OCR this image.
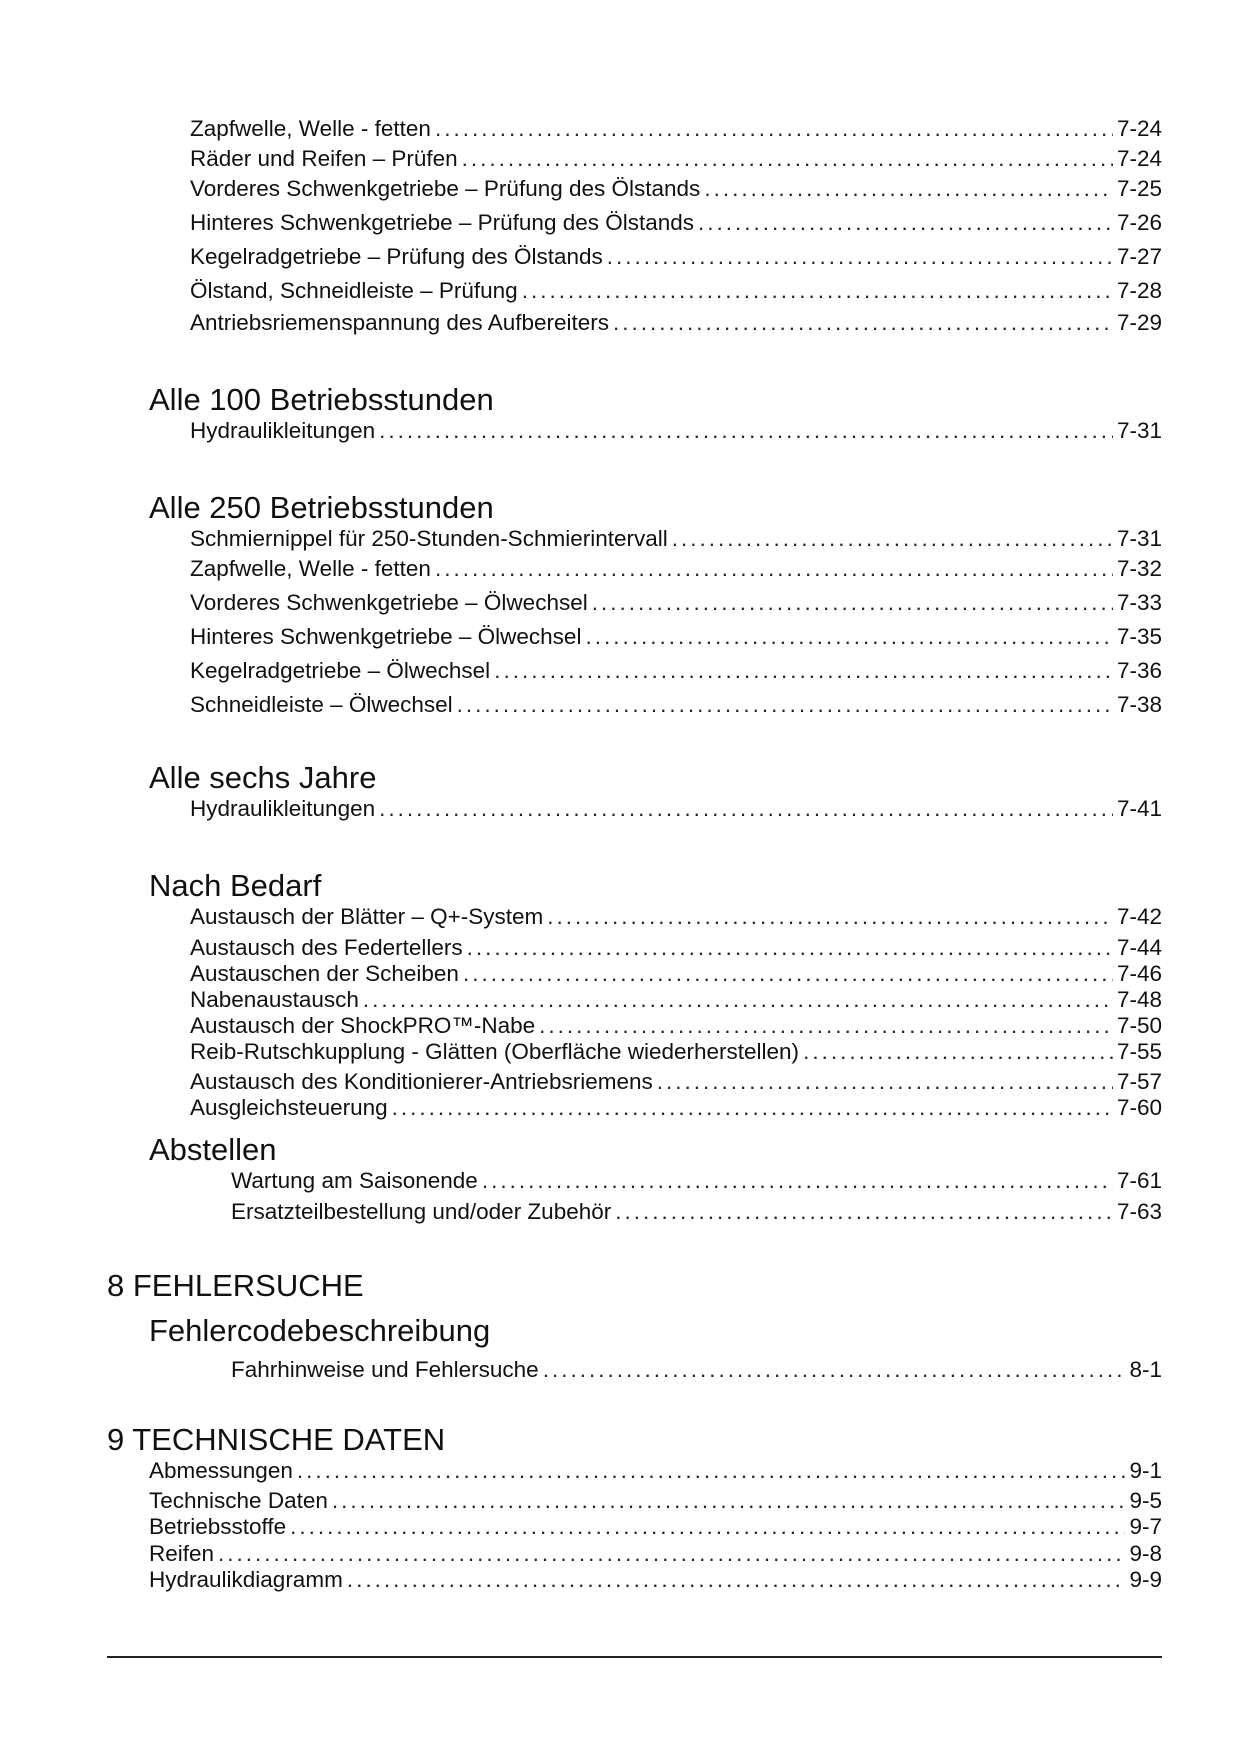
Zapfwelle, Welle - fetten .....	7-24
Räder und Reifen – Prüfen .....	7-24
Vorderes Schwenkgetriebe – Prüfung des Ölstands .....	7-25
Hinteres Schwenkgetriebe – Prüfung des Ölstands .....	7-26
Kegelradgetriebe – Prüfung des Ölstands .....	7-27
Ölstand, Schneidleiste – Prüfung .....	7-28
Antriebsriemenspannung des Aufbereiters .....	7-29
Alle 100 Betriebsstunden
Hydraulikleitungen .....	7-31
Alle 250 Betriebsstunden
Schmiernippel für 250-Stunden-Schmierintervall .....	7-31
Zapfwelle, Welle - fetten .....	7-32
Vorderes Schwenkgetriebe – Ölwechsel .....	7-33
Hinteres Schwenkgetriebe – Ölwechsel .....	7-35
Kegelradgetriebe – Ölwechsel .....	7-36
Schneidleiste – Ölwechsel .....	7-38
Alle sechs Jahre
Hydraulikleitungen .....	7-41
Nach Bedarf
Austausch der Blätter – Q+-System .....	7-42
Austausch des Federtellers .....	7-44
Austauschen der Scheiben .....	7-46
Nabenaustausch .....	7-48
Austausch der ShockPRO™-Nabe .....	7-50
Reib-Rutschkupplung - Glätten (Oberfläche wiederherstellen) .....	7-55
Austausch des Konditionierer-Antriebsriemens .....	7-57
Ausgleichsteuerung .....	7-60
Abstellen
Wartung am Saisonende .....	7-61
Ersatzteilbestellung und/oder Zubehör .....	7-63
8 FEHLERSUCHE
Fehlercodebeschreibung
Fahrhinweise und Fehlersuche .....	8-1
9 TECHNISCHE DATEN
Abmessungen .....	9-1
Technische Daten .....	9-5
Betriebsstoffe .....	9-7
Reifen .....	9-8
Hydraulikdiagramm .....	9-9
